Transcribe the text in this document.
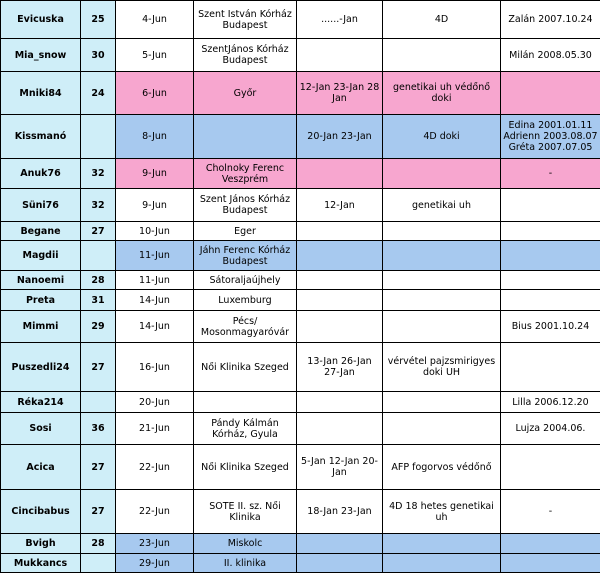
Evicuska	25	4-Jun	Szent István Kórház Budapest	......-Jan	4D	Zalán 2007.10.24
Mia_snow	30	5-Jun	SzentJános Kórház Budapest			Milán 2008.05.30
Mniki84	24	6-Jun	Győr	12-Jan 23-Jan 28 Jan	genetikai uh védőnő doki	
Kissmanó		8-Jun		20-Jan 23-Jan	4D doki	Edina 2001.01.11 Adrienn 2003.08.07 Gréta 2007.07.05
Anuk76	32	9-Jun	Cholnoky Ferenc Veszprém			-
Süni76	32	9-Jun	Szent János Kórház Budapest	12-Jan	genetikai uh	
Begane	27	10-Jun	Eger			
Magdii		11-Jun	Jáhn Ferenc Kórház Budapest			
Nanoemi	28	11-Jun	Sátoraljaújhely			
Preta	31	14-Jun	Luxemburg			
Mimmi	29	14-Jun	Pécs/ Mosonmagyaróvár			Bius 2001.10.24
Puszedli24	27	16-Jun	Női Klinika Szeged	13-Jan 26-Jan 27-Jan	vérvétel pajzsmirigyes doki UH	
Réka214		20-Jun				Lilla 2006.12.20
Sosi	36	21-Jun	Pándy Kálmán Kórház, Gyula			Lujza 2004.06.
Acica	27	22-Jun	Női Klinika Szeged	5-Jan 12-Jan 20-Jan	AFP fogorvos védőnő	
Cincibabus	27	22-Jun	SOTE II. sz. Női Klinika	18-Jan 23-Jan	4D 18 hetes genetikai uh	-
Bvigh	28	23-Jun	Miskolc			
Mukkancs		29-Jun	II. klinika			
